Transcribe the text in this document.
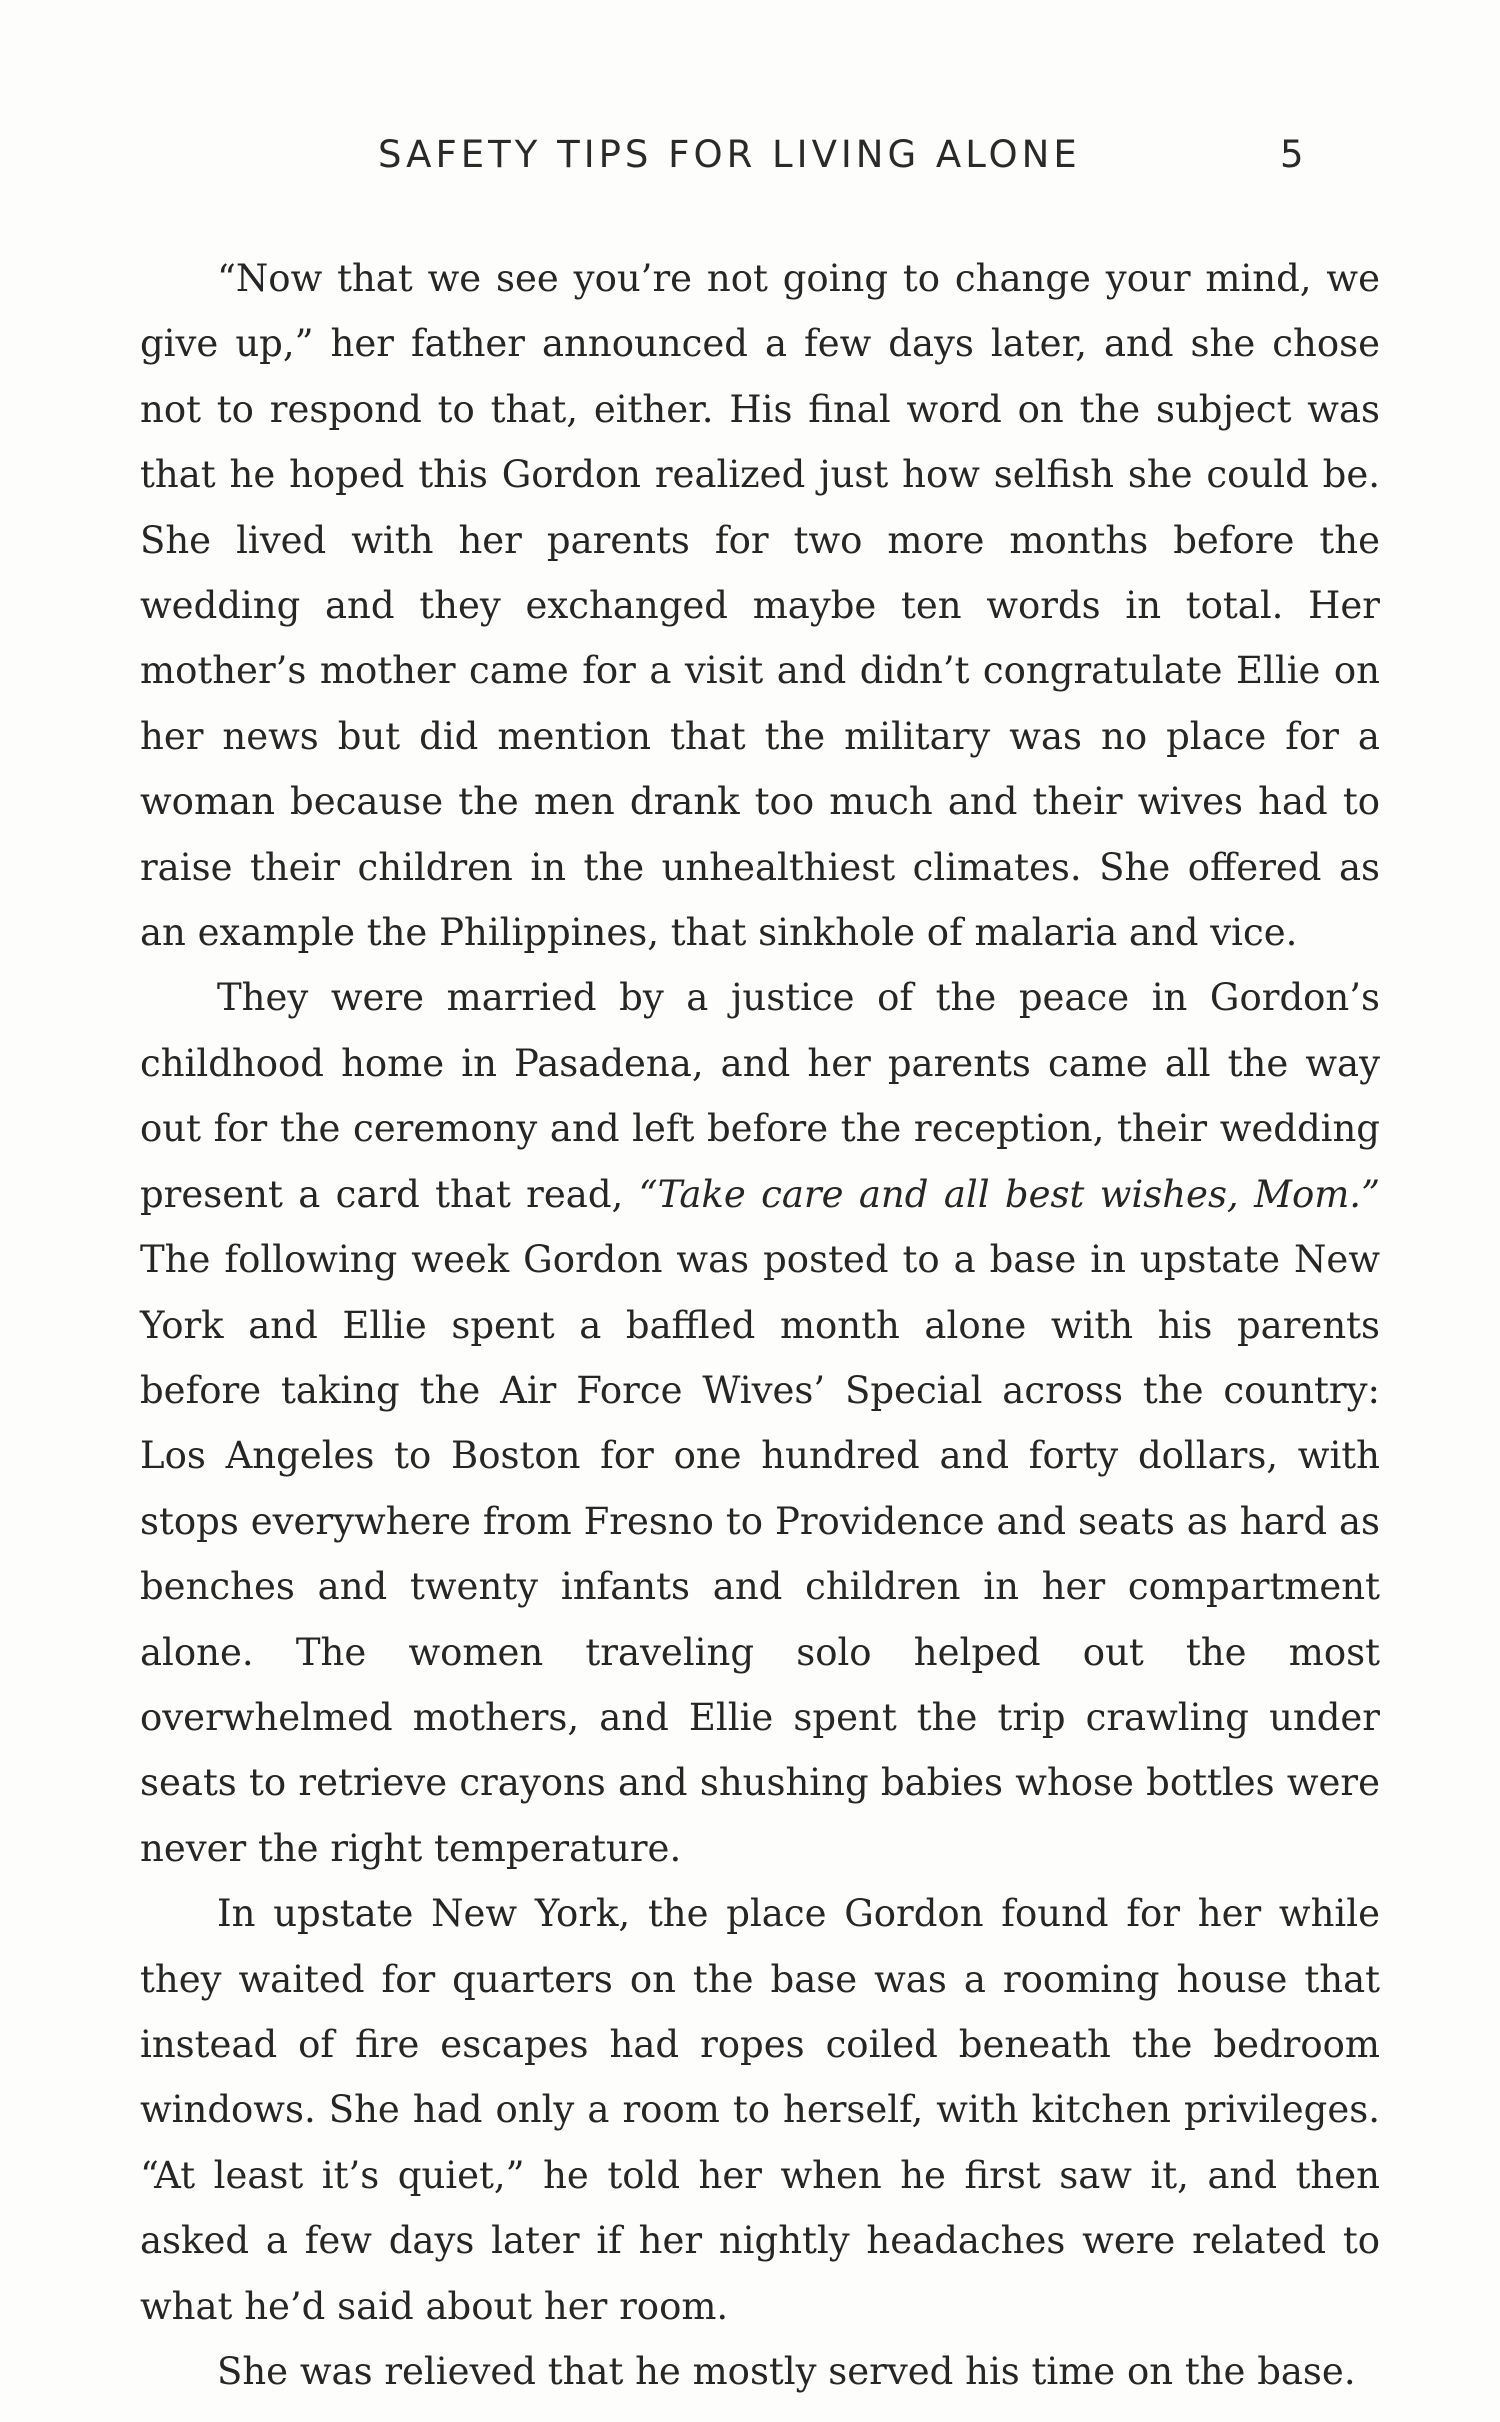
SAFETY TIPS FOR LIVING ALONE	5

“Now that we see you’re not going to change your mind, we give up,” her father announced a few days later, and she chose not to respond to that, either. His final word on the subject was that he hoped this Gordon realized just how selfish she could be. She lived with her parents for two more months before the wedding and they exchanged maybe ten words in total. Her mother’s mother came for a visit and didn’t congratulate Ellie on her news but did mention that the military was no place for a woman because the men drank too much and their wives had to raise their children in the unhealthiest climates. She offered as an example the Philippines, that sinkhole of malaria and vice.

They were married by a justice of the peace in Gordon’s childhood home in Pasadena, and her parents came all the way out for the ceremony and left before the reception, their wedding present a card that read, “Take care and all best wishes, Mom.” The following week Gordon was posted to a base in upstate New York and Ellie spent a baffled month alone with his parents before taking the Air Force Wives’ Special across the country: Los Angeles to Boston for one hundred and forty dollars, with stops everywhere from Fresno to Providence and seats as hard as benches and twenty infants and children in her compartment alone. The women traveling solo helped out the most overwhelmed mothers, and Ellie spent the trip crawling under seats to retrieve crayons and shushing babies whose bottles were never the right temperature.

In upstate New York, the place Gordon found for her while they waited for quarters on the base was a rooming house that instead of fire escapes had ropes coiled beneath the bedroom windows. She had only a room to herself, with kitchen privileges. “At least it’s quiet,” he told her when he first saw it, and then asked a few days later if her nightly headaches were related to what he’d said about her room.

She was relieved that he mostly served his time on the base.
